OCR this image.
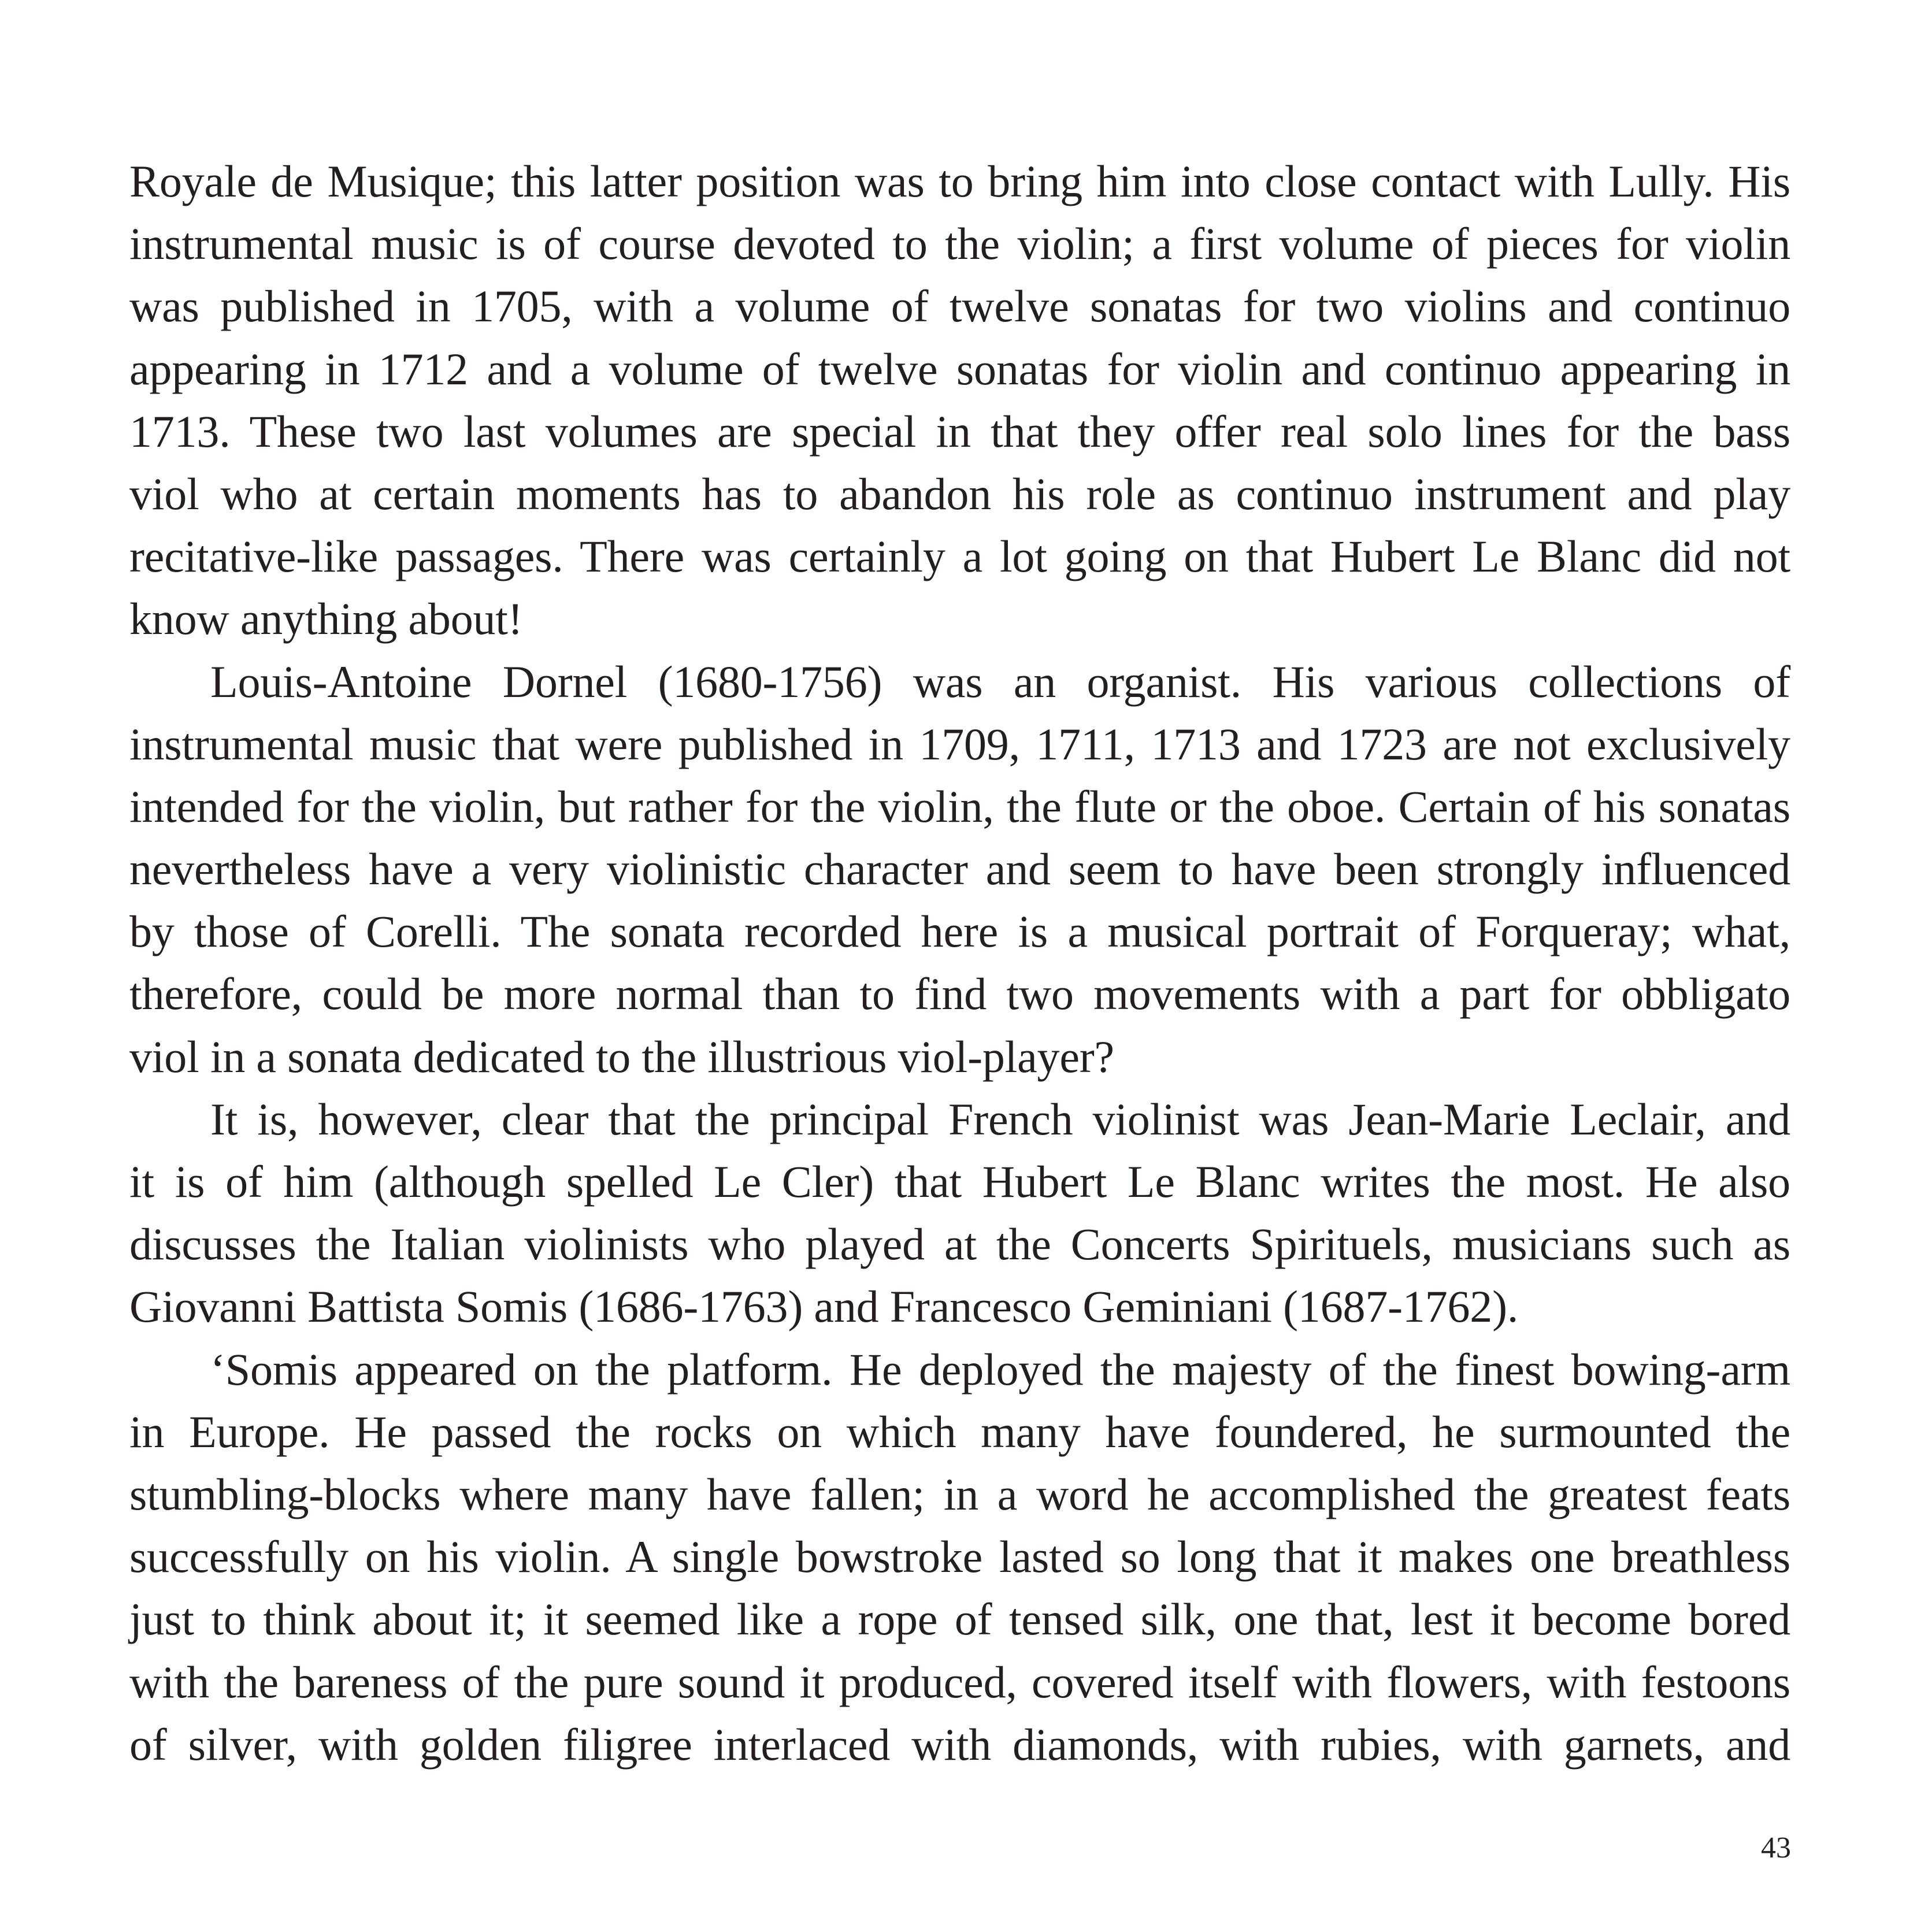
Royale de Musique; this latter position was to bring him into close contact with Lully. His
instrumental music is of course devoted to the violin; a first volume of pieces for violin
was published in 1705, with a volume of twelve sonatas for two violins and continuo
appearing in 1712 and a volume of twelve sonatas for violin and continuo appearing in
1713. These two last volumes are special in that they offer real solo lines for the bass
viol who at certain moments has to abandon his role as continuo instrument and play
recitative-like passages. There was certainly a lot going on that Hubert Le Blanc did not
know anything about!
Louis-Antoine Dornel (1680-1756) was an organist. His various collections of
instrumental music that were published in 1709, 1711, 1713 and 1723 are not exclusively
intended for the violin, but rather for the violin, the flute or the oboe. Certain of his sonatas
nevertheless have a very violinistic character and seem to have been strongly influenced
by those of Corelli. The sonata recorded here is a musical portrait of Forqueray; what,
therefore, could be more normal than to find two movements with a part for obbligato
viol in a sonata dedicated to the illustrious viol-player?
It is, however, clear that the principal French violinist was Jean-Marie Leclair, and
it is of him (although spelled Le Cler) that Hubert Le Blanc writes the most. He also
discusses the Italian violinists who played at the Concerts Spirituels, musicians such as
Giovanni Battista Somis (1686-1763) and Francesco Geminiani (1687-1762).
‘Somis appeared on the platform. He deployed the majesty of the finest bowing-arm
in Europe. He passed the rocks on which many have foundered, he surmounted the
stumbling-blocks where many have fallen; in a word he accomplished the greatest feats
successfully on his violin. A single bowstroke lasted so long that it makes one breathless
just to think about it; it seemed like a rope of tensed silk, one that, lest it become bored
with the bareness of the pure sound it produced, covered itself with flowers, with festoons
of silver, with golden filigree interlaced with diamonds, with rubies, with garnets, and
43
